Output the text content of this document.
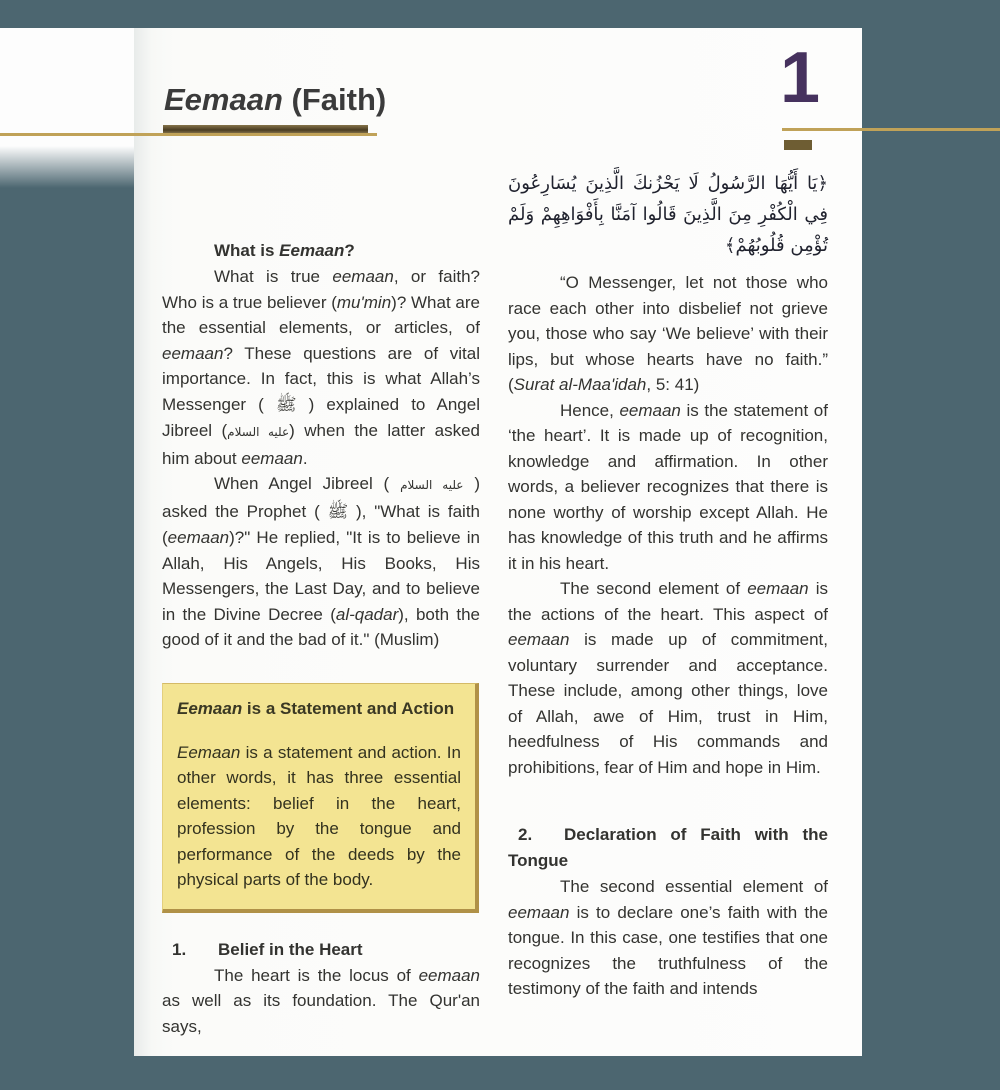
Eemaan (Faith)	1
What is Eemaan?

What is true eemaan, or faith? Who is a true believer (mu'min)? What are the essential elements, or articles, of eemaan? These questions are of vital importance. In fact, this is what Allah’s Messenger ( ﷺ ) explained to Angel Jibreel (عليه السلام) when the latter asked him about eemaan.

When Angel Jibreel ( عليه السلام ) asked the Prophet ( ﷺ ), "What is faith (eemaan)?" He replied, "It is to believe in Allah, His Angels, His Books, His Messengers, the Last Day, and to believe in the Divine Decree (al-qadar), both the good of it and the bad of it." (Muslim)

Eemaan is a Statement and Action
Eemaan is a statement and action. In other words, it has three essential elements: belief in the heart, profession by the tongue and performance of the deeds by the physical parts of the body.
1. Belief in the Heart

The heart is the locus of eemaan as well as its foundation. The Qur'an says,

﴿يَا أَيُّهَا الرَّسُولُ لَا يَحْزُنكَ الَّذِينَ يُسَارِعُونَ فِي الْكُفْرِ مِنَ الَّذِينَ قَالُوا آمَنَّا بِأَفْوَاهِهِمْ وَلَمْ تُؤْمِن قُلُوبُهُمْ﴾

“O Messenger, let not those who race each other into disbelief not grieve you, those who say ‘We believe’ with their lips, but whose hearts have no faith.” (Surat al-Maa'idah, 5: 41)

Hence, eemaan is the statement of ‘the heart’. It is made up of recognition, knowledge and affirmation. In other words, a believer recognizes that there is none worthy of worship except Allah. He has knowledge of this truth and he affirms it in his heart.

The second element of eemaan is the actions of the heart. This aspect of eemaan is made up of commitment, voluntary surrender and acceptance. These include, among other things, love of Allah, awe of Him, trust in Him, heedfulness of His commands and prohibitions, fear of Him and hope in Him.

2. Declaration of Faith with the Tongue

The second essential element of eemaan is to declare one’s faith with the tongue. In this case, one testifies that one recognizes the truthfulness of the testimony of the faith and intends
